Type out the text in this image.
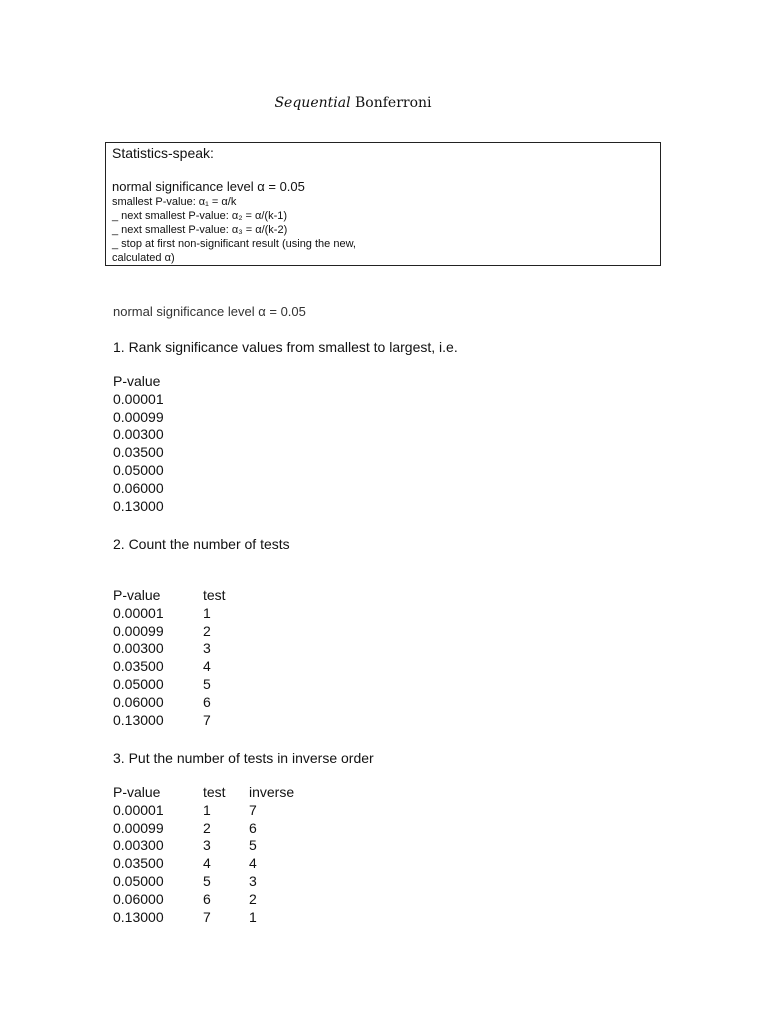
Sequential Bonferroni
Statistics-speak:
normal significance level α = 0.05
smallest P-value: α₁ = α/k
_ next smallest P-value: α₂ = α/(k-1)
_ next smallest P-value: α₃ = α/(k-2)
_ stop at first non-significant result (using the new,
calculated α)
normal significance level α = 0.05
1. Rank significance values from smallest to largest, i.e.
P-value
0.00001
0.00099
0.00300
0.03500
0.05000
0.06000
0.13000
2. Count the number of tests
P-value	test
0.00001	1
0.00099	2
0.00300	3
0.03500	4
0.05000	5
0.06000	6
0.13000	7
3. Put the number of tests in inverse order
P-value	test	inverse
0.00001	1	7
0.00099	2	6
0.00300	3	5
0.03500	4	4
0.05000	5	3
0.06000	6	2
0.13000	7	1
